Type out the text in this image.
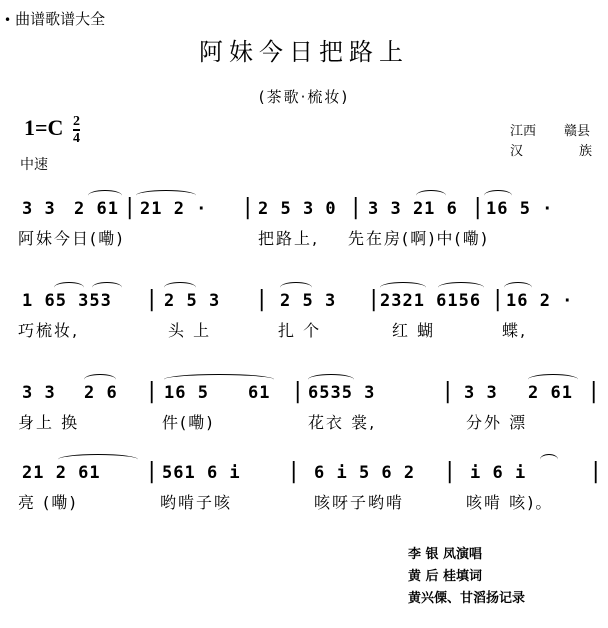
• 曲谱歌谱大全
阿妹今日把路上
(茶歌·梳妆)
$1=C \frac{2}{4}$
中速
江西 赣县
汉	族
3 3 2 61 | 21 2 · | 2 5 3 0 | 3 3 21 6 | 16 5 ·
阿妹今日(嘞)	把路上, 先在房(啊)中(嘞)
1 65 353 | 2 5 3 | 2 5 3 | 2321 6156 | 16 2 ·
巧梳妆,	头 上	扎 个	红 蝴	蝶,
3 3 2 6 | 16 5 61 | 6535 3	| 3 3 2 61 |
身上 换	件(嘞)	花衣 裳,	分外 漂
21 2 61 | 561 6 i | 6 i 5 6 2 | i 6 i	|
亮 (嘞)	哟啃子咳	咳呀子哟啃	咳啃 咳)。
李 银 凤演唱
黄 后 桂填词
黄兴傈、甘滔扬记录
